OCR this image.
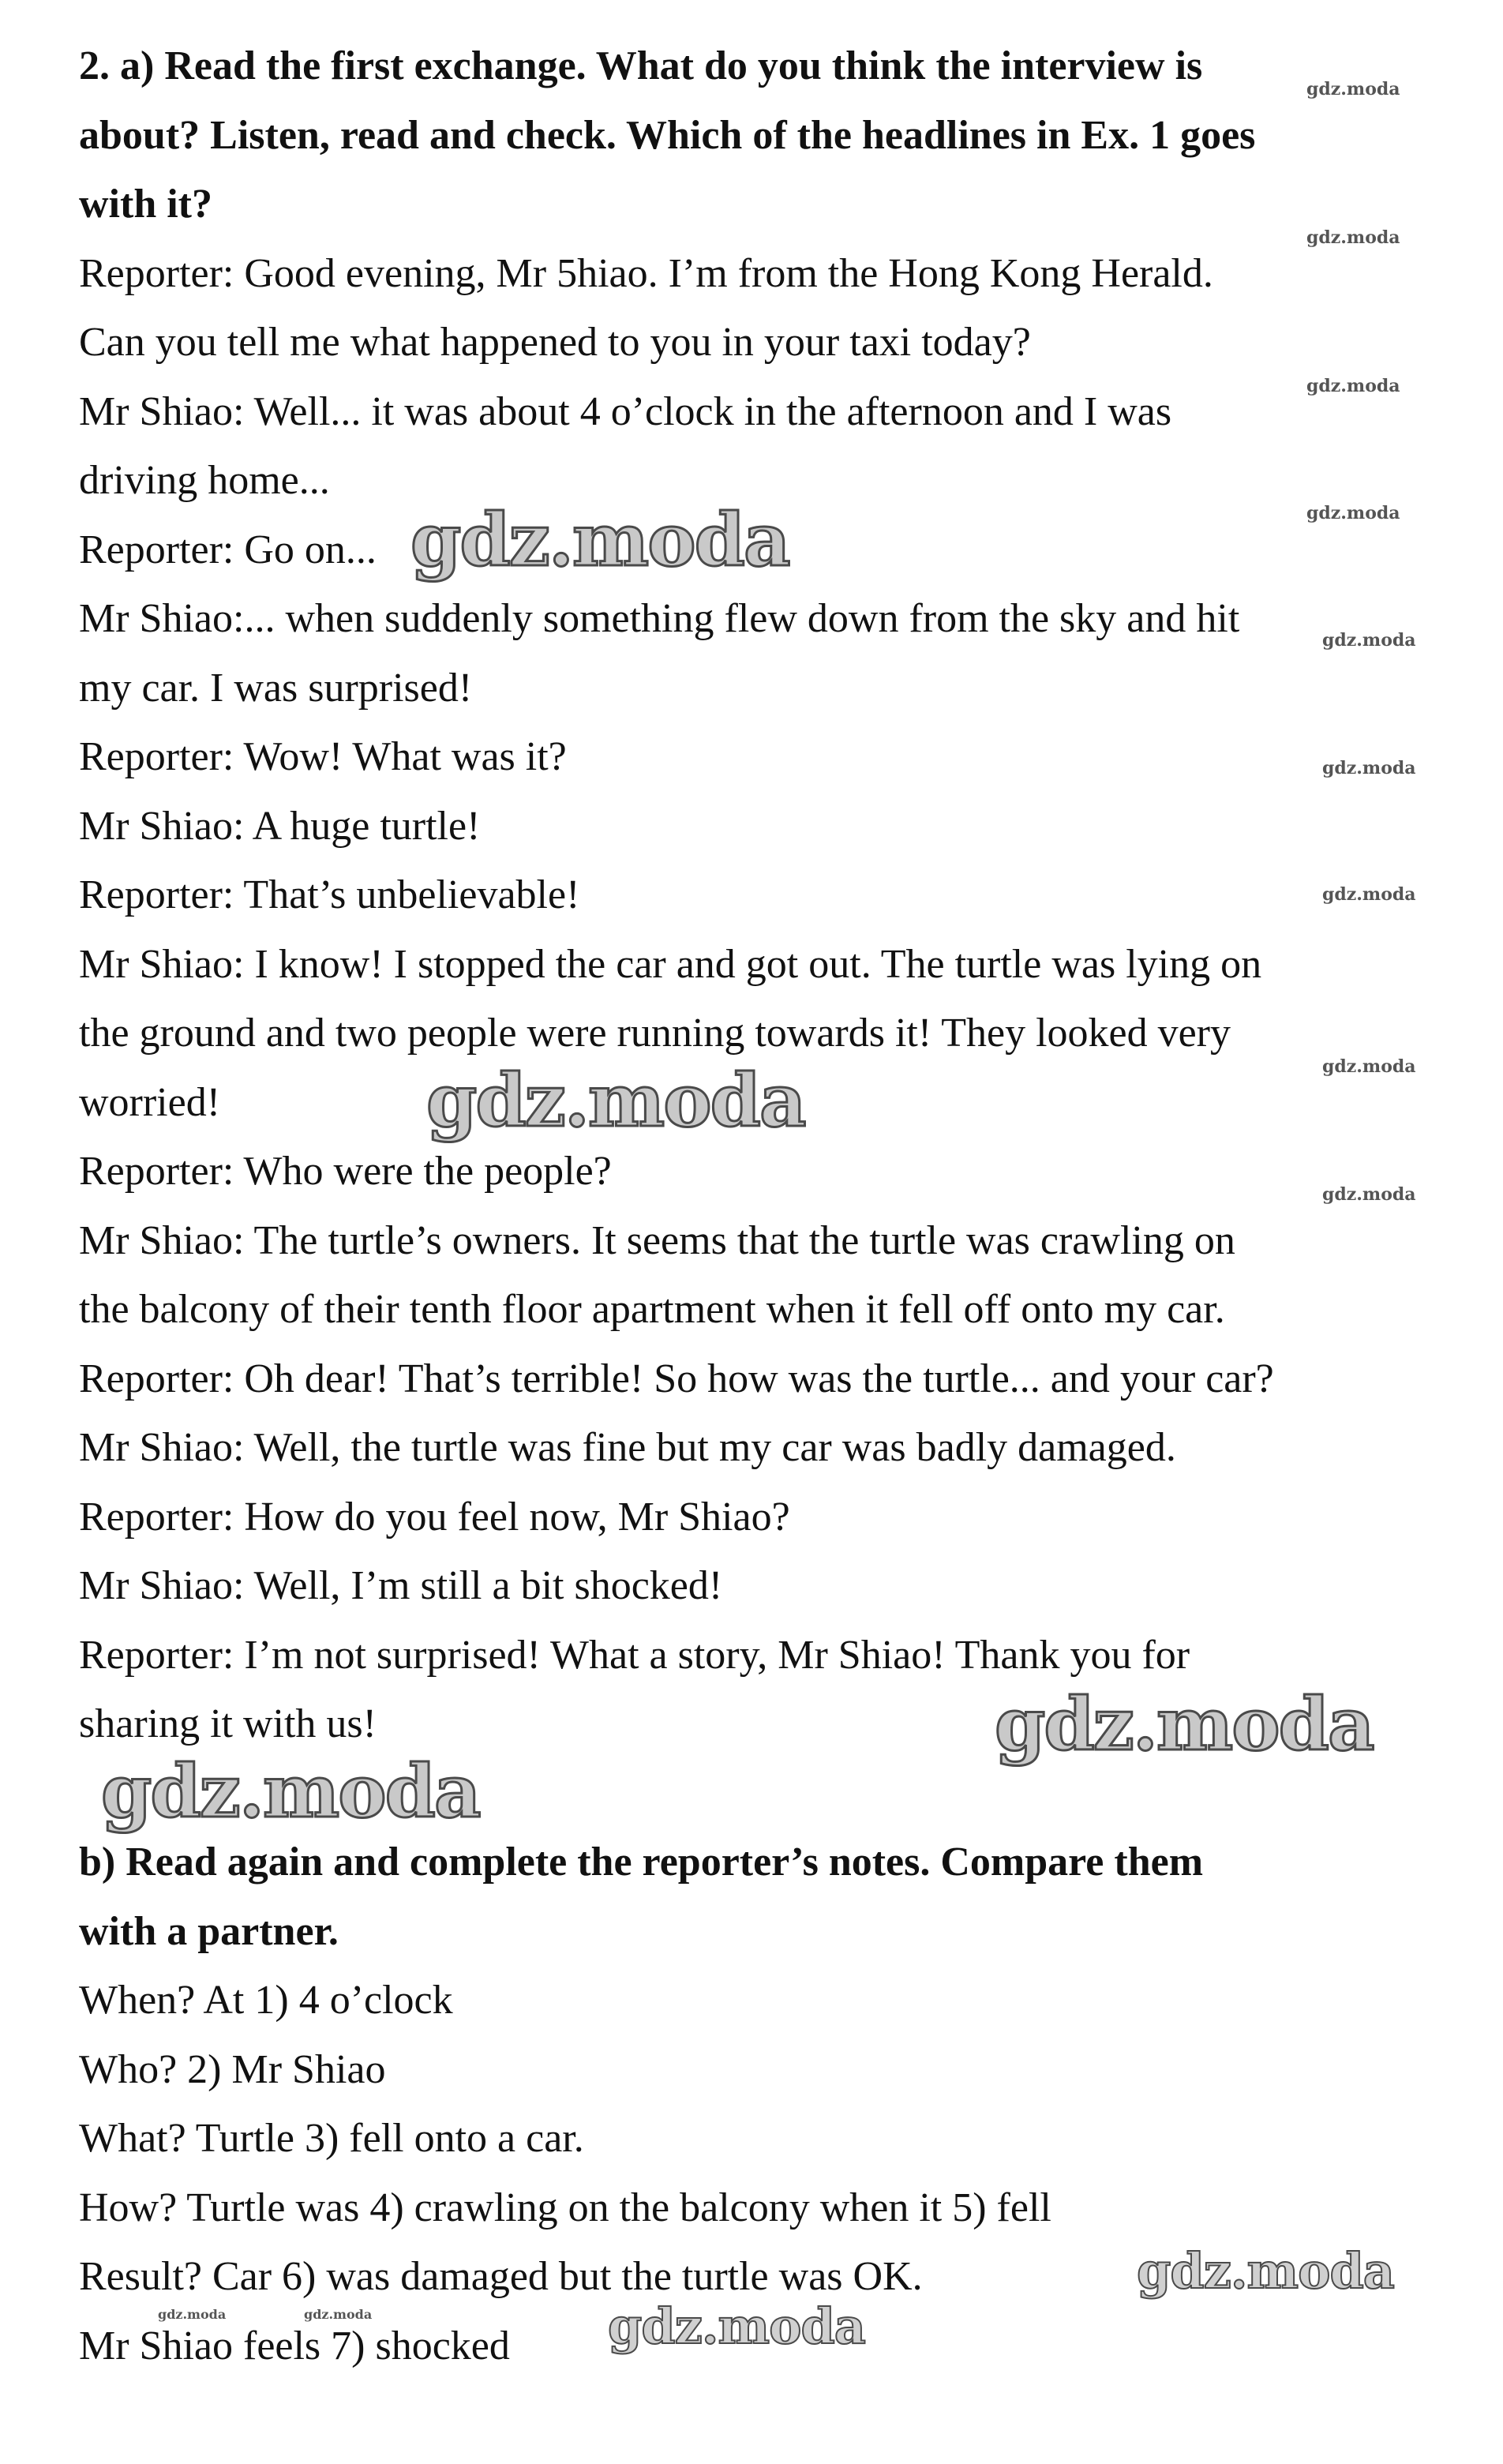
2. a) Read the first exchange. What do you think the interview is

about? Listen, read and check. Which of the headlines in Ex. 1 goes

with it?

Reporter: Good evening, Mr 5hiao. I’m from the Hong Kong Herald.

Can you tell me what happened to you in your taxi today?

Mr Shiao: Well... it was about 4 o’clock in the afternoon and I was

driving home...

Reporter: Go on...

Mr Shiao:... when suddenly something flew down from the sky and hit

my car. I was surprised!

Reporter: Wow! What was it?

Mr Shiao: A huge turtle!

Reporter: That’s unbelievable!

Mr Shiao: I know! I stopped the car and got out. The turtle was lying on

the ground and two people were running towards it! They looked very

worried!

Reporter: Who were the people?

Mr Shiao: The turtle’s owners. It seems that the turtle was crawling on

the balcony of their tenth floor apartment when it fell off onto my car.

Reporter: Oh dear! That’s terrible! So how was the turtle... and your car?

Mr Shiao: Well, the turtle was fine but my car was badly damaged.

Reporter: How do you feel now, Mr Shiao?

Mr Shiao: Well, I’m still a bit shocked!

Reporter: I’m not surprised! What a story, Mr Shiao! Thank you for

sharing it with us!

b) Read again and complete the reporter’s notes. Compare them

with a partner.

When? At 1) 4 o’clock

Who? 2) Mr Shiao

What? Turtle 3) fell onto a car.

How? Turtle was 4) crawling on the balcony when it 5) fell

Result? Car 6) was damaged but the turtle was OK.

Mr Shiao feels 7) shocked

gdz.moda
gdz.moda
gdz.moda
gdz.moda
gdz.moda
gdz.moda
gdz.moda
gdz.moda
gdz.moda
gdz.moda
gdz.moda
gdz.moda
gdz.moda
gdz.moda
gdz.moda
gdz.moda	gdz.moda
